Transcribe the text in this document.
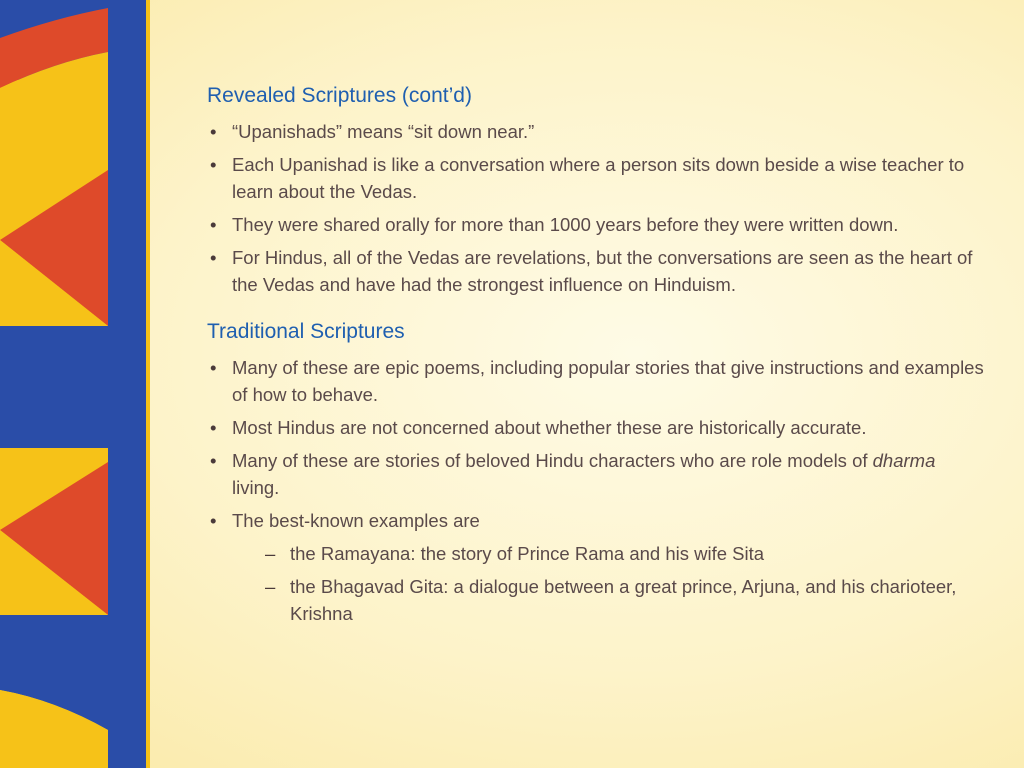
Revealed Scriptures (cont’d)
• “Upanishads” means “sit down near.”
• Each Upanishad is like a conversation where a person sits down beside a wise teacher to learn about the Vedas.
• They were shared orally for more than 1000 years before they were written down.
• For Hindus, all of the Vedas are revelations, but the conversations are seen as the heart of the Vedas and have had the strongest influence on Hinduism.
Traditional Scriptures
• Many of these are epic poems, including popular stories that give instructions and examples of how to behave.
• Most Hindus are not concerned about whether these are historically accurate.
• Many of these are stories of beloved Hindu characters who are role models of dharma living.
• The best-known examples are
– the Ramayana: the story of Prince Rama and his wife Sita
– the Bhagavad Gita: a dialogue between a great prince, Arjuna, and his charioteer, Krishna
